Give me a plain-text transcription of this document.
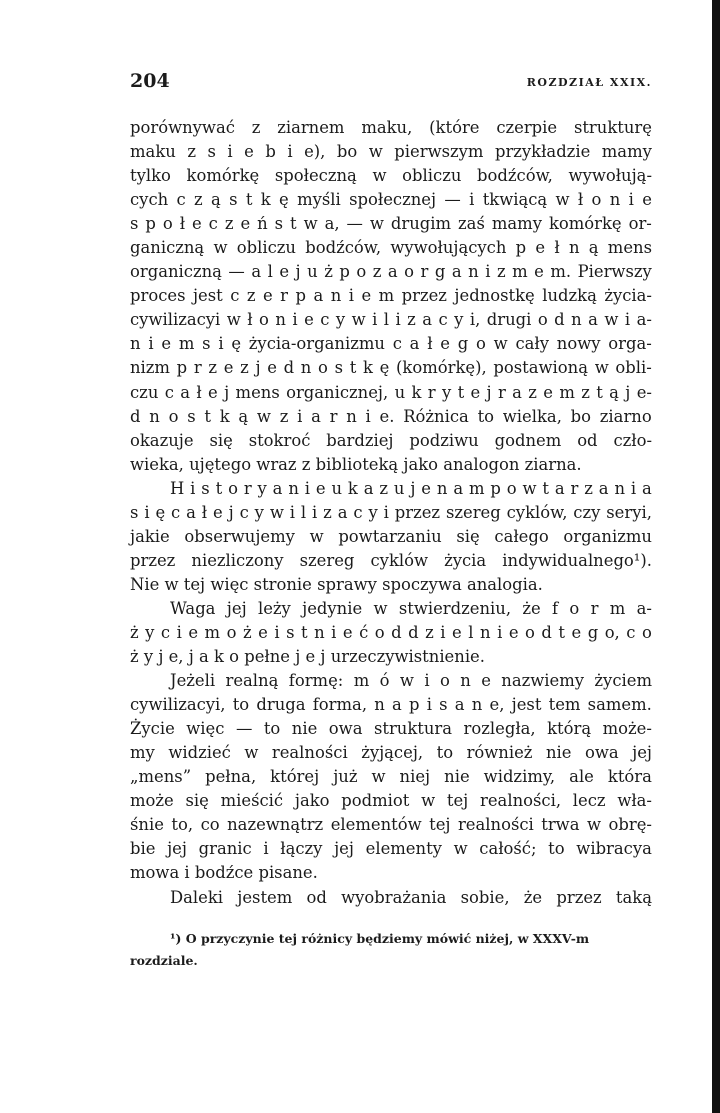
204	ROZDZIAŁ XXIX.
porównywać z ziarnem maku, (które czerpie strukturę
maku z s i e b i e), bo w pierwszym przykładzie mamy
tylko komórkę społeczną w obliczu bodźców, wywołują-
cych c z ą s t k ę myśli społecznej — i tkwiącą w ł o n i e
s p o ł e c z e ń s t w a, — w drugim zaś mamy komórkę or-
ganiczną w obliczu bodźców, wywołujących p e ł n ą mens
organiczną — a l e j u ż p o z a o r g a n i z m e m. Pierwszy
proces jest c z e r p a n i e m przez jednostkę ludzką życia-
cywilizacyi w ł o n i e c y w i l i z a c y i, drugi o d n a w i a-
n i e m s i ę życia-organizmu c a ł e g o w cały nowy orga-
nizm p r z e z j e d n o s t k ę (komórkę), postawioną w obli-
czu c a ł e j mens organicznej, u k r y t e j r a z e m z t ą j e-
d n o s t k ą w z i a r n i e. Różnica to wielka, bo ziarno
okazuje się stokroć bardziej podziwu godnem od czło-
wieka, ujętego wraz z biblioteką jako analogon ziarna.
H i s t o r y a n i e u k a z u j e n a m p o w t a r z a n i a
s i ę c a ł e j c y w i l i z a c y i przez szereg cyklów, czy seryi,
jakie obserwujemy w powtarzaniu się całego organizmu
przez niezliczony szereg cyklów życia indywidualnego¹).
Nie w tej więc stronie sprawy spoczywa analogia.
Waga jej leży jedynie w stwierdzeniu, że f o r m a-
ż y c i e m o ż e i s t n i e ć o d d z i e l n i e o d t e g o, c o
ż y j e, j a k o pełne j e j urzeczywistnienie.
Jeżeli realną formę: m ó w i o n e nazwiemy życiem
cywilizacyi, to druga forma, n a p i s a n e, jest tem samem.
Życie więc — to nie owa struktura rozległa, którą możе-
my widzieć w realności żyjącej, to również nie owa jej
„mens” pełna, której już w niej nie widzimy, ale która
może się mieścić jako podmiot w tej realności, lecz wła-
śnie to, co nazewnątrz elementów tej realności trwa w obrę-
bie jej granic i łączy jej elementy w całość; to wibracya
mowa i bodźce pisane.
Daleki jestem od wyobrażania sobie, że przez taką
¹) O przyczynie tej różnicy będziemy mówić niżej, w XXXV-m
rozdziale.
